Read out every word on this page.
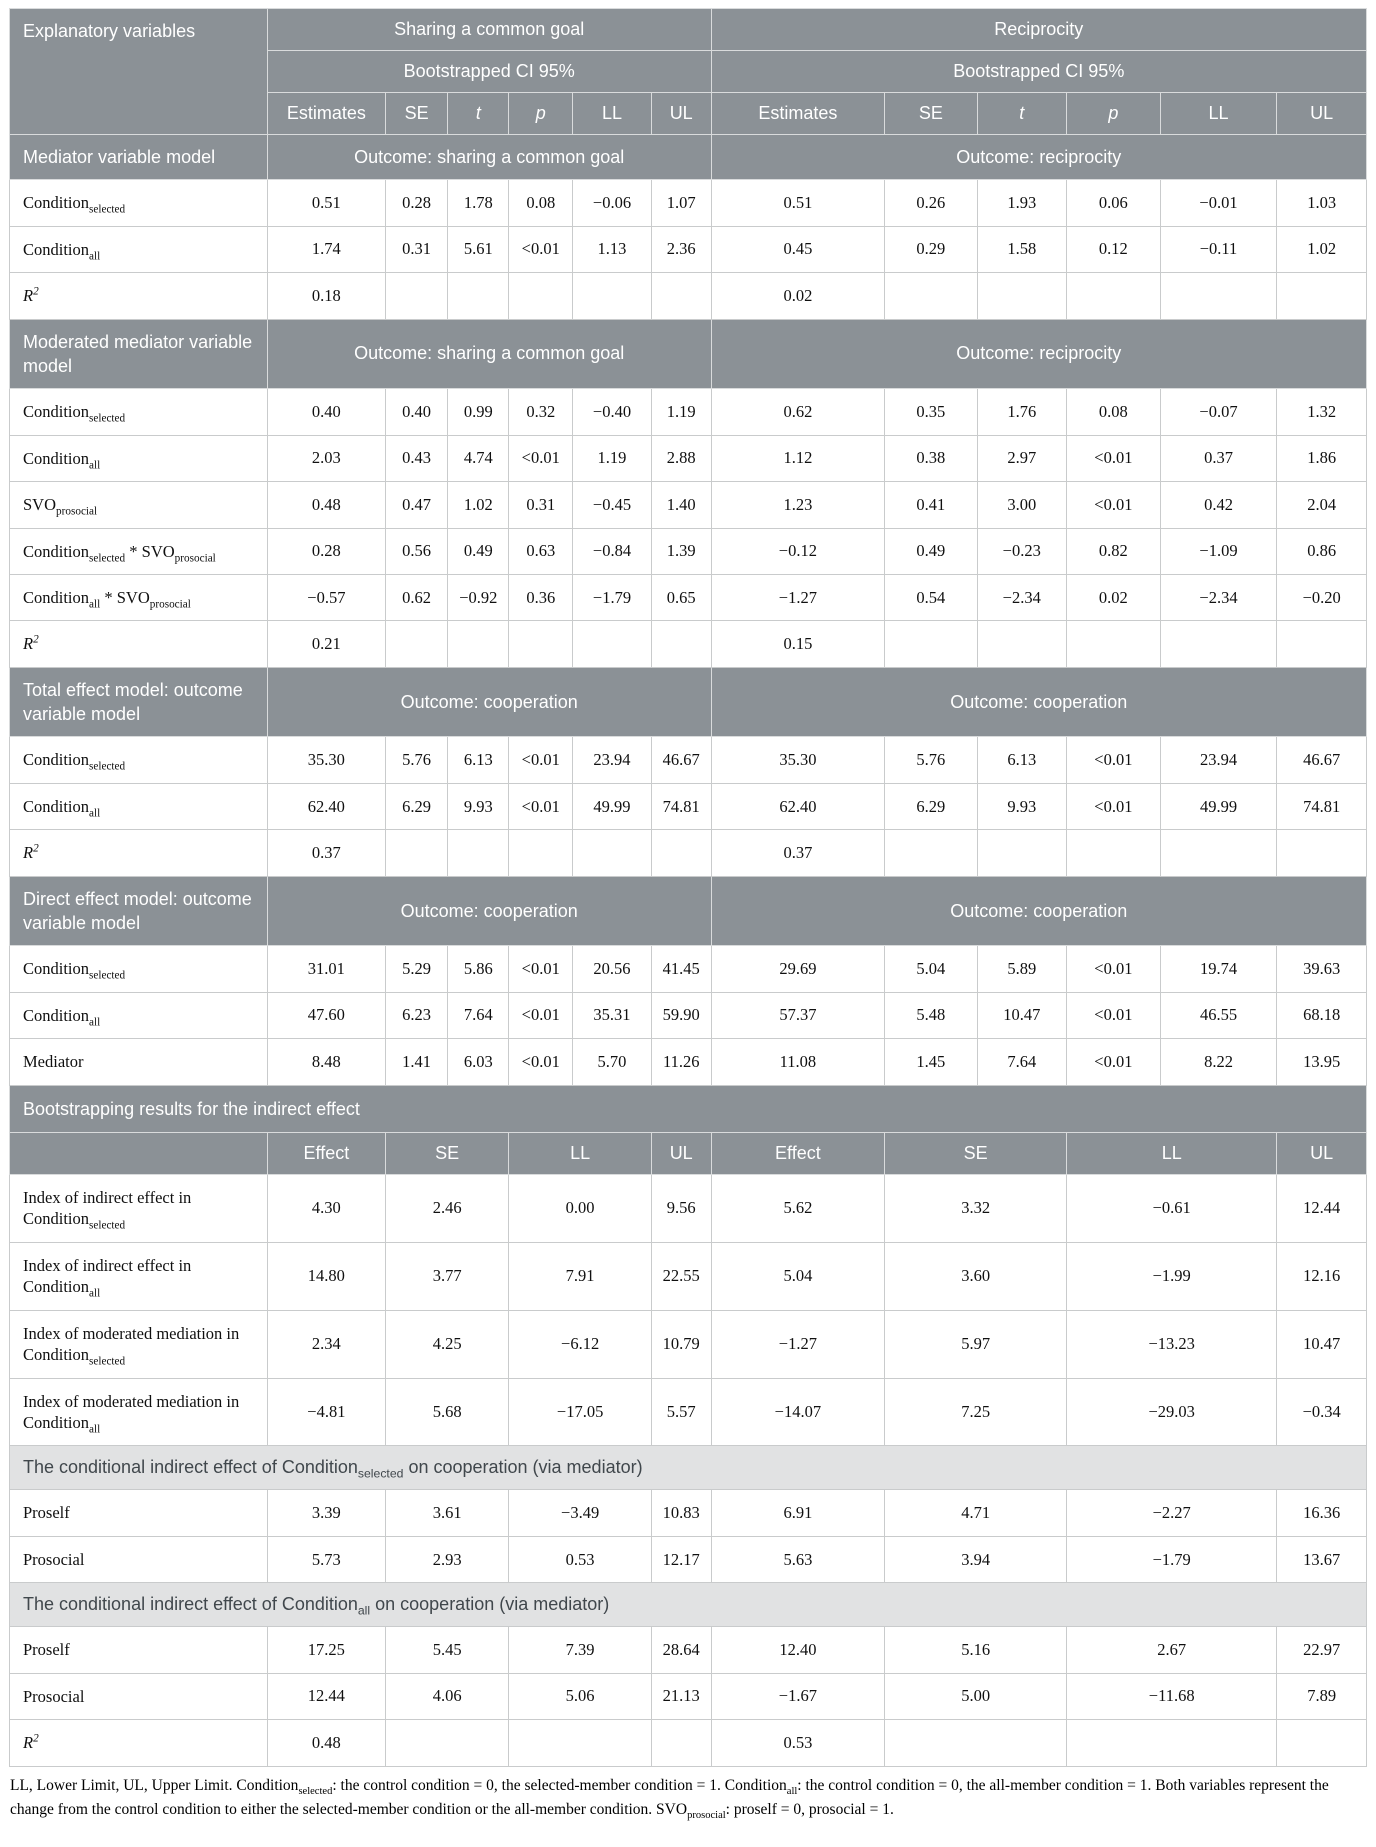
Explanatory variables	Sharing a common goal						Reciprocity					
	Bootstrapped CI 95%						Bootstrapped CI 95%					
	Estimates	SE	t	p	LL	UL	Estimates	SE	t	p	LL	UL
Mediator variable model	Outcome: sharing a common goal						Outcome: reciprocity					
Condition$_{selected}$	0.51	0.28	1.78	0.08	−0.06	1.07	0.51	0.26	1.93	0.06	−0.01	1.03
Condition$_{all}$	1.74	0.31	5.61	<0.01	1.13	2.36	0.45	0.29	1.58	0.12	−0.11	1.02
$R^2$	0.18						0.02					
Moderated mediator variable model	Outcome: sharing a common goal						Outcome: reciprocity					
Condition$_{selected}$	0.40	0.40	0.99	0.32	−0.40	1.19	0.62	0.35	1.76	0.08	−0.07	1.32
Condition$_{all}$	2.03	0.43	4.74	<0.01	1.19	2.88	1.12	0.38	2.97	<0.01	0.37	1.86
$SVO_{prosocial}$	0.48	0.47	1.02	0.31	−0.45	1.40	1.23	0.41	3.00	<0.01	0.42	2.04
Condition$_{selected}$ * $SVO_{prosocial}$	0.28	0.56	0.49	0.63	−0.84	1.39	−0.12	0.49	−0.23	0.82	−1.09	0.86
Condition$_{all}$ * $SVO_{prosocial}$	−0.57	0.62	−0.92	0.36	−1.79	0.65	−1.27	0.54	−2.34	0.02	−2.34	−0.20
$R^2$	0.21						0.15					
Total effect model: outcome variable model	Outcome: cooperation						Outcome: cooperation					
Condition$_{selected}$	35.30	5.76	6.13	<0.01	23.94	46.67	35.30	5.76	6.13	<0.01	23.94	46.67
Condition$_{all}$	62.40	6.29	9.93	<0.01	49.99	74.81	62.40	6.29	9.93	<0.01	49.99	74.81
$R^2$	0.37						0.37					
Direct effect model: outcome variable model	Outcome: cooperation						Outcome: cooperation					
Condition$_{selected}$	31.01	5.29	5.86	<0.01	20.56	41.45	29.69	5.04	5.89	<0.01	19.74	39.63
Condition$_{all}$	47.60	6.23	7.64	<0.01	35.31	59.90	57.37	5.48	10.47	<0.01	46.55	68.18
Mediator	8.48	1.41	6.03	<0.01	5.70	11.26	11.08	1.45	7.64	<0.01	8.22	13.95
Bootstrapping results for the indirect effect												
	Effect	SE		LL		UL	Effect	SE		LL		UL
Index of indirect effect in Condition$_{selected}$	4.30	2.46		0.00		9.56	5.62	3.32		−0.61		12.44
Index of indirect effect in Condition$_{all}$	14.80	3.77		7.91		22.55	5.04	3.60		−1.99		12.16
Index of moderated mediation in Condition$_{selected}$	2.34	4.25		−6.12		10.79	−1.27	5.97		−13.23		10.47
Index of moderated mediation in Condition$_{all}$	−4.81	5.68		−17.05		5.57	−14.07	7.25		−29.03		−0.34
The conditional indirect effect of Condition$_{selected}$ on cooperation (via mediator)												
Proself	3.39	3.61		−3.49		10.83	6.91	4.71		−2.27		16.36
Prosocial	5.73	2.93		0.53		12.17	5.63	3.94		−1.79		13.67
The conditional indirect effect of Condition$_{all}$ on cooperation (via mediator)												
Proself	17.25	5.45		7.39		28.64	12.40	5.16		2.67		22.97
Prosocial	12.44	4.06		5.06		21.13	−1.67	5.00		−11.68		7.89
$R^2$	0.48						0.53					

LL, Lower Limit, UL, Upper Limit. Condition$_{selected}$: the control condition = 0, the selected-member condition = 1. Condition$_{all}$: the control condition = 0, the all-member condition = 1. Both variables represent the change from the control condition to either the selected-member condition or the all-member condition. $SVO_{prosocial}$: proself = 0, prosocial = 1.
